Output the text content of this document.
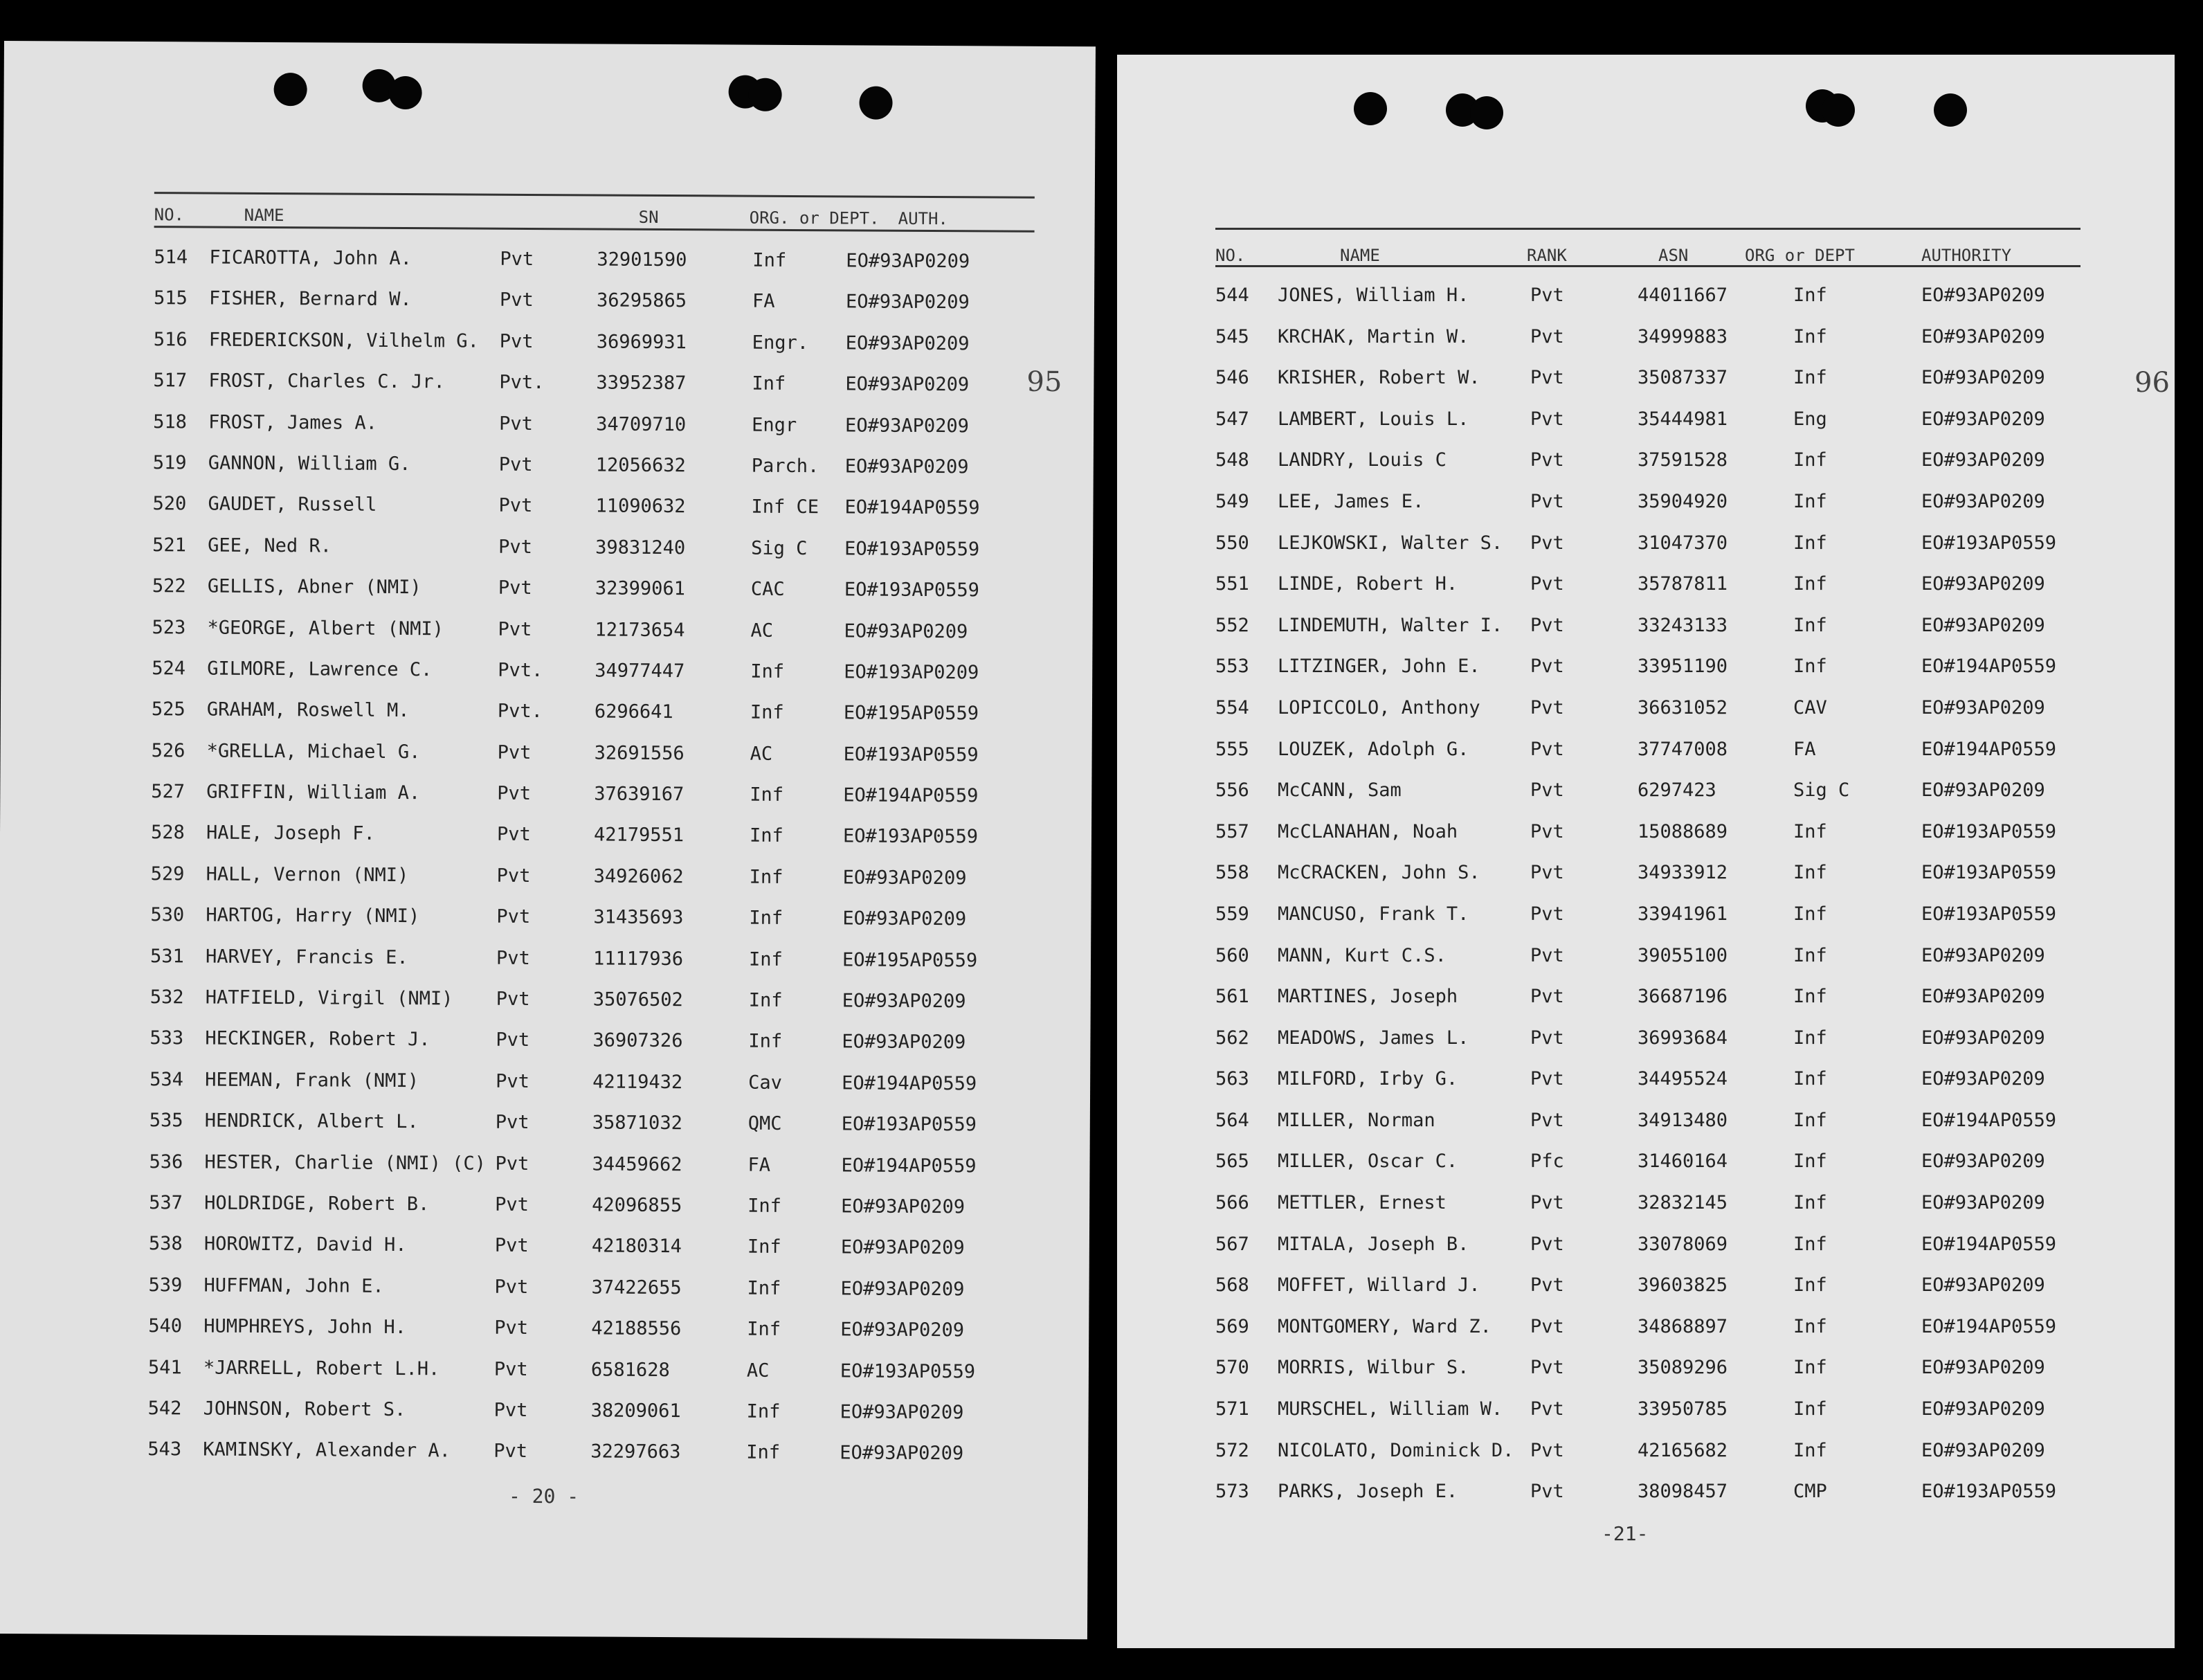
NO.	NAME	SN	ORG. or DEPT. AUTH.
514 FICAROTTA, John A.	Pvt	32901590	Inf	EO#93AP0209
515 FISHER, Bernard W.	Pvt	36295865	FA	EO#93AP0209
516 FREDERICKSON, Vilhelm G. Pvt	36969931	Engr. EO#93AP0209
517 FROST, Charles C. Jr.	Pvt.	33952387	Inf	EO#93AP0209
518 FROST, James A.	Pvt	34709710	Engr	EO#93AP0209
519 GANNON, William G.	Pvt	12056632	Parch. EO#93AP0209
520 GAUDET, Russell	Pvt	11090632	Inf CE EO#194AP0559
521 GEE, Ned R.	Pvt	39831240	Sig C EO#193AP0559
522 GELLIS, Abner (NMI)	Pvt	32399061	CAC	EO#193AP0559
523 *GEORGE, Albert (NMI)	Pvt	12173654	AC	EO#93AP0209
524 GILMORE, Lawrence C.	Pvt.	34977447	Inf	EO#193AP0209
525 GRAHAM, Roswell M.	Pvt.	6296641	Inf	EO#195AP0559
526 *GRELLA, Michael G.	Pvt	32691556	AC	EO#193AP0559
527 GRIFFIN, William A.	Pvt	37639167	Inf	EO#194AP0559
528 HALE, Joseph F.	Pvt	42179551	Inf	EO#193AP0559
529 HALL, Vernon (NMI)	Pvt	34926062	Inf	EO#93AP0209
530 HARTOG, Harry (NMI)	Pvt	31435693	Inf	EO#93AP0209
531 HARVEY, Francis E.	Pvt	11117936	Inf	EO#195AP0559
532 HATFIELD, Virgil (NMI) Pvt	35076502	Inf	EO#93AP0209
533 HECKINGER, Robert J.	Pvt	36907326	Inf	EO#93AP0209
534 HEEMAN, Frank (NMI)	Pvt	42119432	Cav	EO#194AP0559
535 HENDRICK, Albert L.	Pvt	35871032	QMC	EO#193AP0559
536 HESTER, Charlie (NMI) (C) Pvt	34459662	FA	EO#194AP0559
537 HOLDRIDGE, Robert B.	Pvt	42096855	Inf	EO#93AP0209
538 HOROWITZ, David H.	Pvt	42180314	Inf	EO#93AP0209
539 HUFFMAN, John E.	Pvt	37422655	Inf	EO#93AP0209
540 HUMPHREYS, John H.	Pvt	42188556	Inf	EO#93AP0209
541 *JARRELL, Robert L.H.	Pvt	6581628	AC	EO#193AP0559
542 JOHNSON, Robert S.	Pvt	38209061	Inf	EO#93AP0209
543 KAMINSKY, Alexander A. Pvt	32297663	Inf	EO#93AP0209
- 20 -
95
NO.	NAME	RANK	ASN	ORG or DEPT	AUTHORITY
544 JONES, William H.	Pvt	44011667	Inf	EO#93AP0209
545 KRCHAK, Martin W.	Pvt	34999883	Inf	EO#93AP0209
546 KRISHER, Robert W.	Pvt	35087337	Inf	EO#93AP0209
547 LAMBERT, Louis L.	Pvt	35444981	Eng	EO#93AP0209
548 LANDRY, Louis C	Pvt	37591528	Inf	EO#93AP0209
549 LEE, James E.	Pvt	35904920	Inf	EO#93AP0209
550 LEJKOWSKI, Walter S. Pvt	31047370	Inf	EO#193AP0559
551 LINDE, Robert H.	Pvt	35787811	Inf	EO#93AP0209
552 LINDEMUTH, Walter I. Pvt	33243133	Inf	EO#93AP0209
553 LITZINGER, John E.	Pvt	33951190	Inf	EO#194AP0559
554 LOPICCOLO, Anthony	Pvt	36631052	CAV	EO#93AP0209
555 LOUZEK, Adolph G.	Pvt	37747008	FA	EO#194AP0559
556 McCANN, Sam	Pvt	6297423	Sig C	EO#93AP0209
557 McCLANAHAN, Noah	Pvt	15088689	Inf	EO#193AP0559
558 McCRACKEN, John S.	Pvt	34933912	Inf	EO#193AP0559
559 MANCUSO, Frank T.	Pvt	33941961	Inf	EO#193AP0559
560 MANN, Kurt C.S.	Pvt	39055100	Inf	EO#93AP0209
561 MARTINES, Joseph	Pvt	36687196	Inf	EO#93AP0209
562 MEADOWS, James L.	Pvt	36993684	Inf	EO#93AP0209
563 MILFORD, Irby G.	Pvt	34495524	Inf	EO#93AP0209
564 MILLER, Norman	Pvt	34913480	Inf	EO#194AP0559
565 MILLER, Oscar C.	Pfc	31460164	Inf	EO#93AP0209
566 METTLER, Ernest	Pvt	32832145	Inf	EO#93AP0209
567 MITALA, Joseph B.	Pvt	33078069	Inf	EO#194AP0559
568 MOFFET, Willard J.	Pvt	39603825	Inf	EO#93AP0209
569 MONTGOMERY, Ward Z. Pvt	34868897	Inf	EO#194AP0559
570 MORRIS, Wilbur S.	Pvt	35089296	Inf	EO#93AP0209
571 MURSCHEL, William W. Pvt	33950785	Inf	EO#93AP0209
572 NICOLATO, Dominick D. Pvt	42165682	Inf	EO#93AP0209
573 PARKS, Joseph E.	Pvt	38098457	CMP	EO#193AP0559
-21-
96
